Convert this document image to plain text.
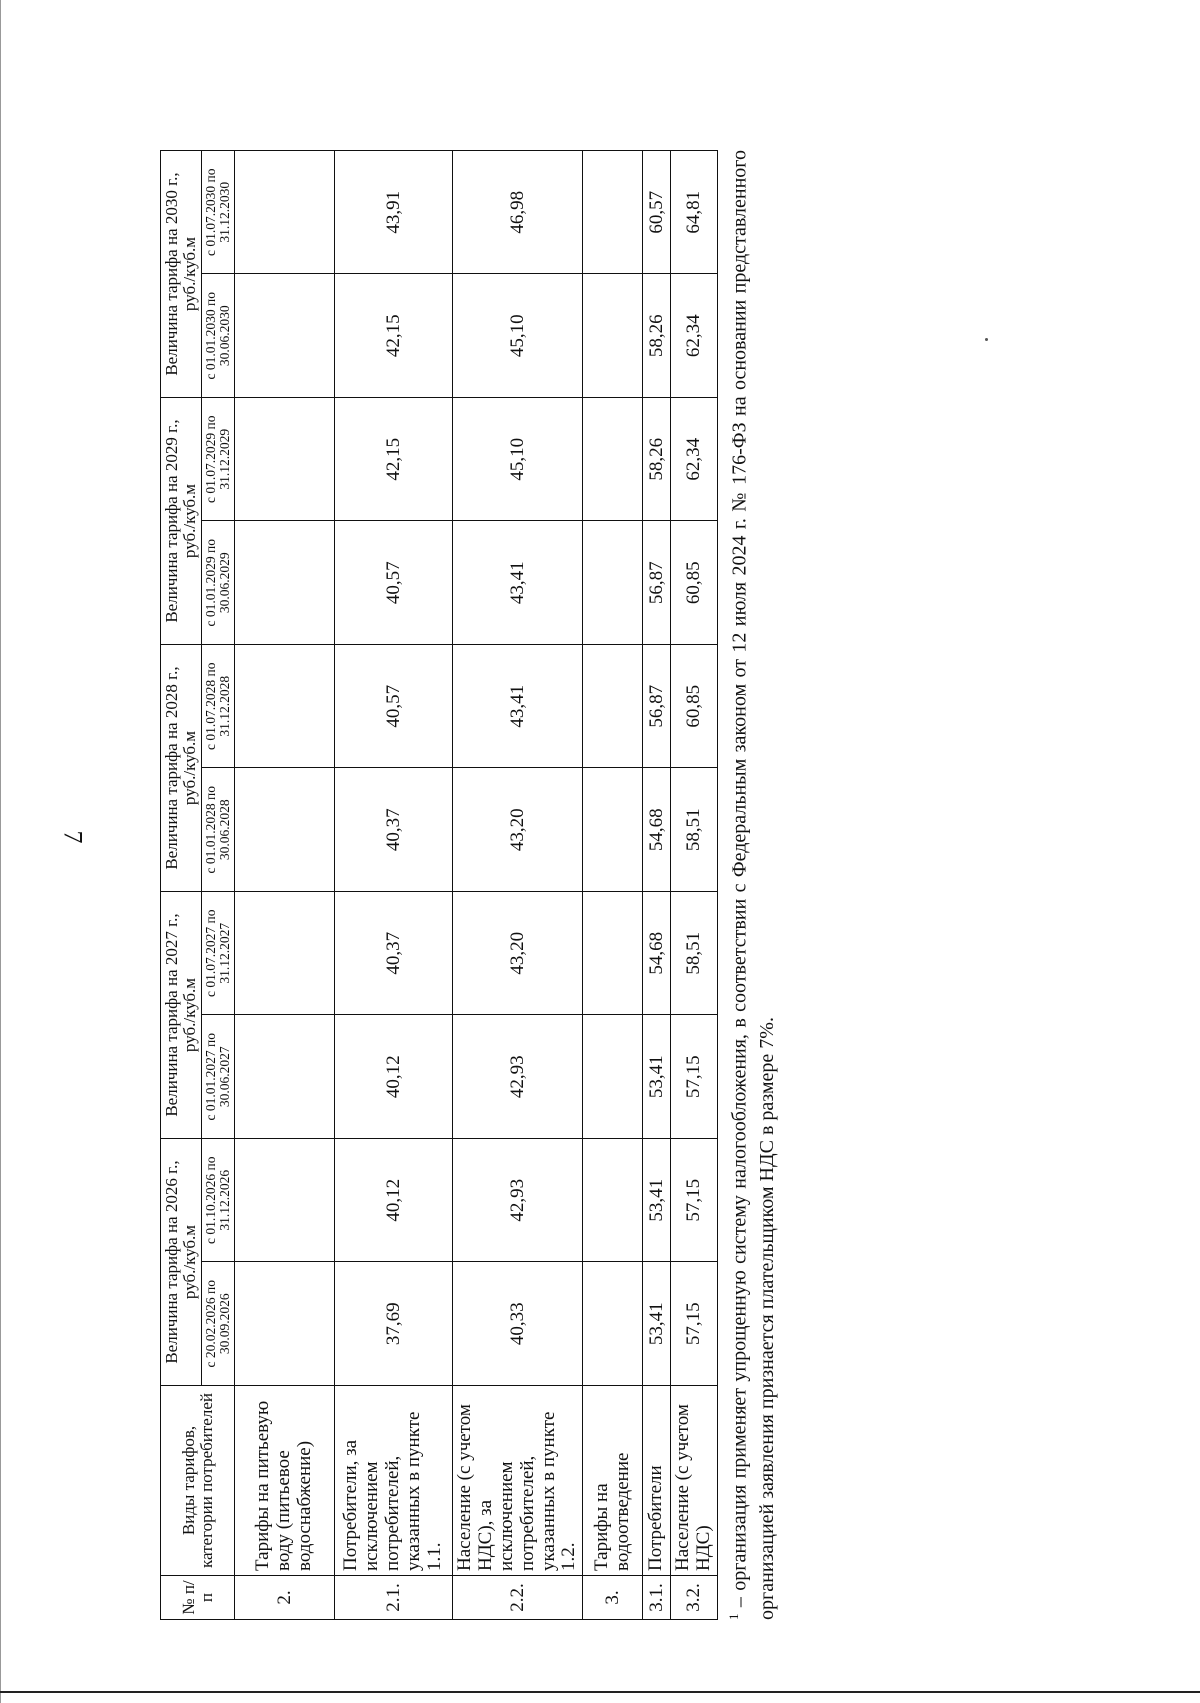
7
№ п/п	Виды тарифов, категории потребителей	Величина тарифа на 2026 г., руб./куб.м		Величина тарифа на 2027 г., руб./куб.м		Величина тарифа на 2028 г., руб./куб.м		Величина тарифа на 2029 г., руб./куб.м		Величина тарифа на 2030 г., руб./куб.м	
		с 20.02.2026 по 30.09.2026	с 01.10.2026 по 31.12.2026	с 01.01.2027 по 30.06.2027	с 01.07.2027 по 31.12.2027	с 01.01.2028 по 30.06.2028	с 01.07.2028 по 31.12.2028	с 01.01.2029 по 30.06.2029	с 01.07.2029 по 31.12.2029	с 01.01.2030 по 30.06.2030	с 01.07.2030 по 31.12.2030
2.	Тарифы на питьевую воду (питьевое водоснабжение)										
2.1.	Потребители, за исключением потребителей, указанных в пункте 1.1.	37,69	40,12	40,12	40,37	40,37	40,57	40,57	42,15	42,15	43,91
2.2.	Население (с учетом НДС), за исключением потребителей, указанных в пункте 1.2.	40,33	42,93	42,93	43,20	43,20	43,41	43,41	45,10	45,10	46,98
3.	Тарифы на водоотведение										
3.1.	Потребители	53,41	53,41	53,41	54,68	54,68	56,87	56,87	58,26	58,26	60,57
3.2.	Население (с учетом НДС)	57,15	57,15	57,15	58,51	58,51	60,85	60,85	62,34	62,34	64,81
$^1$ – организация применяет упрощенную систему налогообложения, в соответствии с Федеральным законом от 12 июля 2024 г. № 176-ФЗ на основании представленного организацией заявления признается плательщиком НДС в размере 7%.
